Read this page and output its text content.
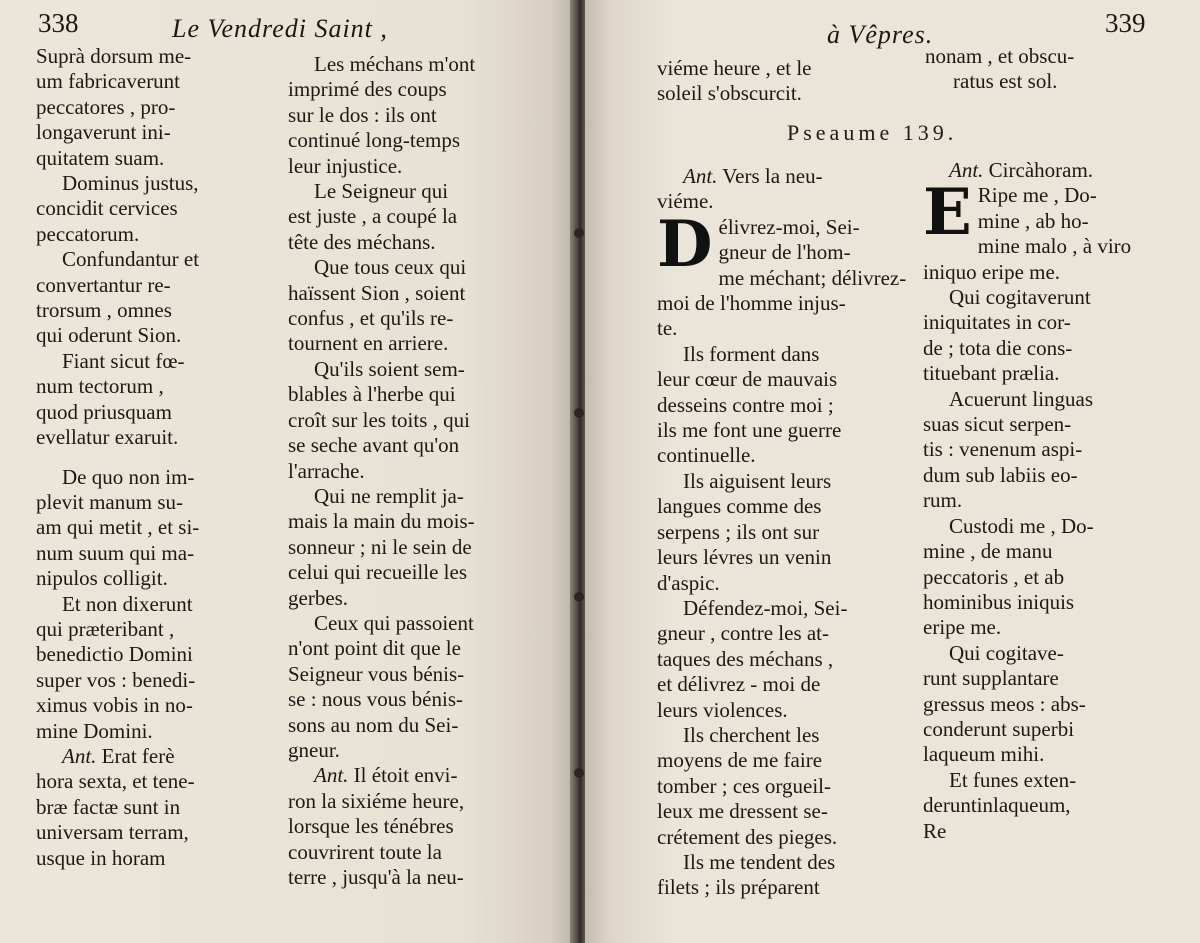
338	Le Vendredi Saint ,

Suprà dorsum me-

um fabricaverunt

peccatores , pro-

longaverunt ini-

quitatem suam.

Dominus justus,

concidit cervices

peccatorum.

Confundantur et

convertantur re-

trorsum , omnes

qui oderunt Sion.

Fiant sicut fœ-

num tectorum ,

quod priusquam

evellatur exaruit.

De quo non im-

plevit manum su-

am qui metit , et si-

num suum qui ma-

nipulos colligit.

Et non dixerunt

qui præteribant ,

benedictio Domini

super vos : benedi-

ximus vobis in no-

mine Domini.

Ant. Erat ferè

hora sexta, et tene-

bræ factæ sunt in

universam terram,

usque in horam

Les méchans m'ont

imprimé des coups

sur le dos : ils ont

continué long-temps

leur injustice.

Le Seigneur qui

est juste , a coupé la

tête des méchans.

Que tous ceux qui

haïssent Sion , soient

confus , et qu'ils re-

tournent en arriere.

Qu'ils soient sem-

blables à l'herbe qui

croît sur les toits , qui

se seche avant qu'on

l'arrache.

Qui ne remplit ja-

mais la main du mois-

sonneur ; ni le sein de

celui qui recueille les

gerbes.

Ceux qui passoient

n'ont point dit que le

Seigneur vous bénis-

se : nous vous bénis-

sons au nom du Sei-

gneur.

Ant. Il étoit envi-

ron la sixiéme heure,

lorsque les ténébres

couvrirent toute la

terre , jusqu'à la neu-

à Vêpres.	339

viéme heure , et le

soleil s'obscurcit.

nonam , et obscu-

ratus est sol.

Pseaume 139.

Ant. Vers la neu-

viéme.

D élivrez-moi, Sei-

gneur de l'hom-

me méchant; délivrez-

moi de l'homme injus-

te.

Ils forment dans

leur cœur de mauvais

desseins contre moi ;

ils me font une guerre

continuelle.

Ils aiguisent leurs

langues comme des

serpens ; ils ont sur

leurs lévres un venin

d'aspic.

Défendez-moi, Sei-

gneur , contre les at-

taques des méchans ,

et délivrez - moi de

leurs violences.

Ils cherchent les

moyens de me faire

tomber ; ces orgueil-

leux me dressent se-

crétement des pieges.

Ils me tendent des

filets ; ils préparent

Ant. Circàhoram.

E Ripe me , Do-

mine , ab ho-

mine malo , à viro

iniquo eripe me.

Qui cogitaverunt

iniquitates in cor-

de ; tota die cons-

tituebant prælia.

Acuerunt linguas

suas sicut serpen-

tis : venenum aspi-

dum sub labiis eo-

rum.

Custodi me , Do-

mine , de manu

peccatoris , et ab

hominibus iniquis

eripe me.

Qui cogitave-

runt supplantare

gressus meos : abs-

conderunt superbi

laqueum mihi.

Et funes exten-

deruntinlaqueum,

Re
